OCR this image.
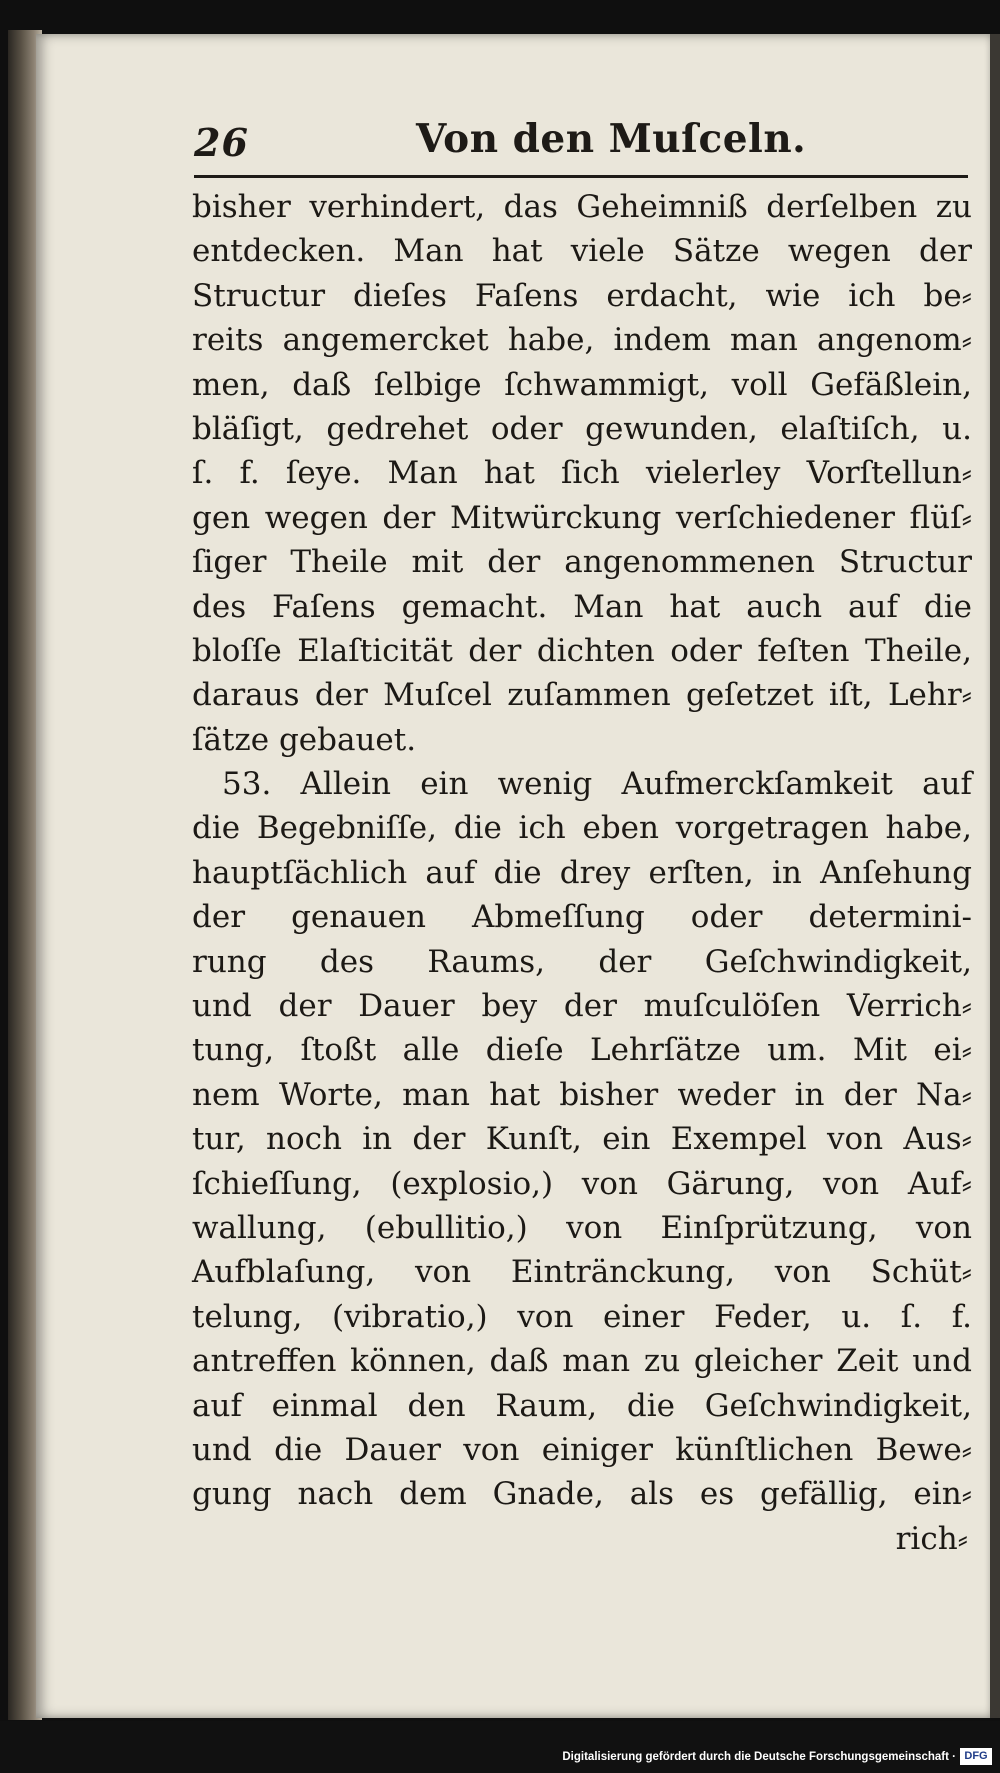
26	Von den Muſceln.
bisher verhindert, das Geheimniß derſelben zu
entdecken. Man hat viele Sätze wegen der
Structur dieſes Faſens erdacht, wie ich be⸗
reits angemercket habe, indem man angenom⸗
men, daß ſelbige ſchwammigt, voll Gefäßlein,
bläſigt, gedrehet oder gewunden, elaſtiſch, u.
ſ. f. ſeye. Man hat ſich vielerley Vorſtellun⸗
gen wegen der Mitwürckung verſchiedener flüſ⸗
ſiger Theile mit der angenommenen Structur
des Faſens gemacht. Man hat auch auf die
bloſſe Elaſticität der dichten oder feſten Theile,
daraus der Muſcel zuſammen geſetzet iſt, Lehr⸗
ſätze gebauet.
53. Allein ein wenig Aufmerckſamkeit auf
die Begebniſſe, die ich eben vorgetragen habe,
hauptſächlich auf die drey erſten, in Anſehung
der genauen Abmeſſung oder determini-
rung des Raums, der Geſchwindigkeit,
und der Dauer bey der muſculöſen Verrich⸗
tung, ſtoßt alle dieſe Lehrſätze um. Mit ei⸗
nem Worte, man hat bisher weder in der Na⸗
tur, noch in der Kunſt, ein Exempel von Aus⸗
ſchieſſung, (explosio,) von Gärung, von Auf⸗
wallung, (ebullitio,) von Einſprützung, von
Aufblaſung, von Eintränckung, von Schüt⸗
telung, (vibratio,) von einer Feder, u. ſ. f.
antreffen können, daß man zu gleicher Zeit und
auf einmal den Raum, die Geſchwindigkeit,
und die Dauer von einiger künſtlichen Bewe⸗
gung nach dem Gnade, als es gefällig, ein⸗
rich⸗
Digitalisierung gefördert durch die Deutsche Forschungsgemeinschaft · DFG
